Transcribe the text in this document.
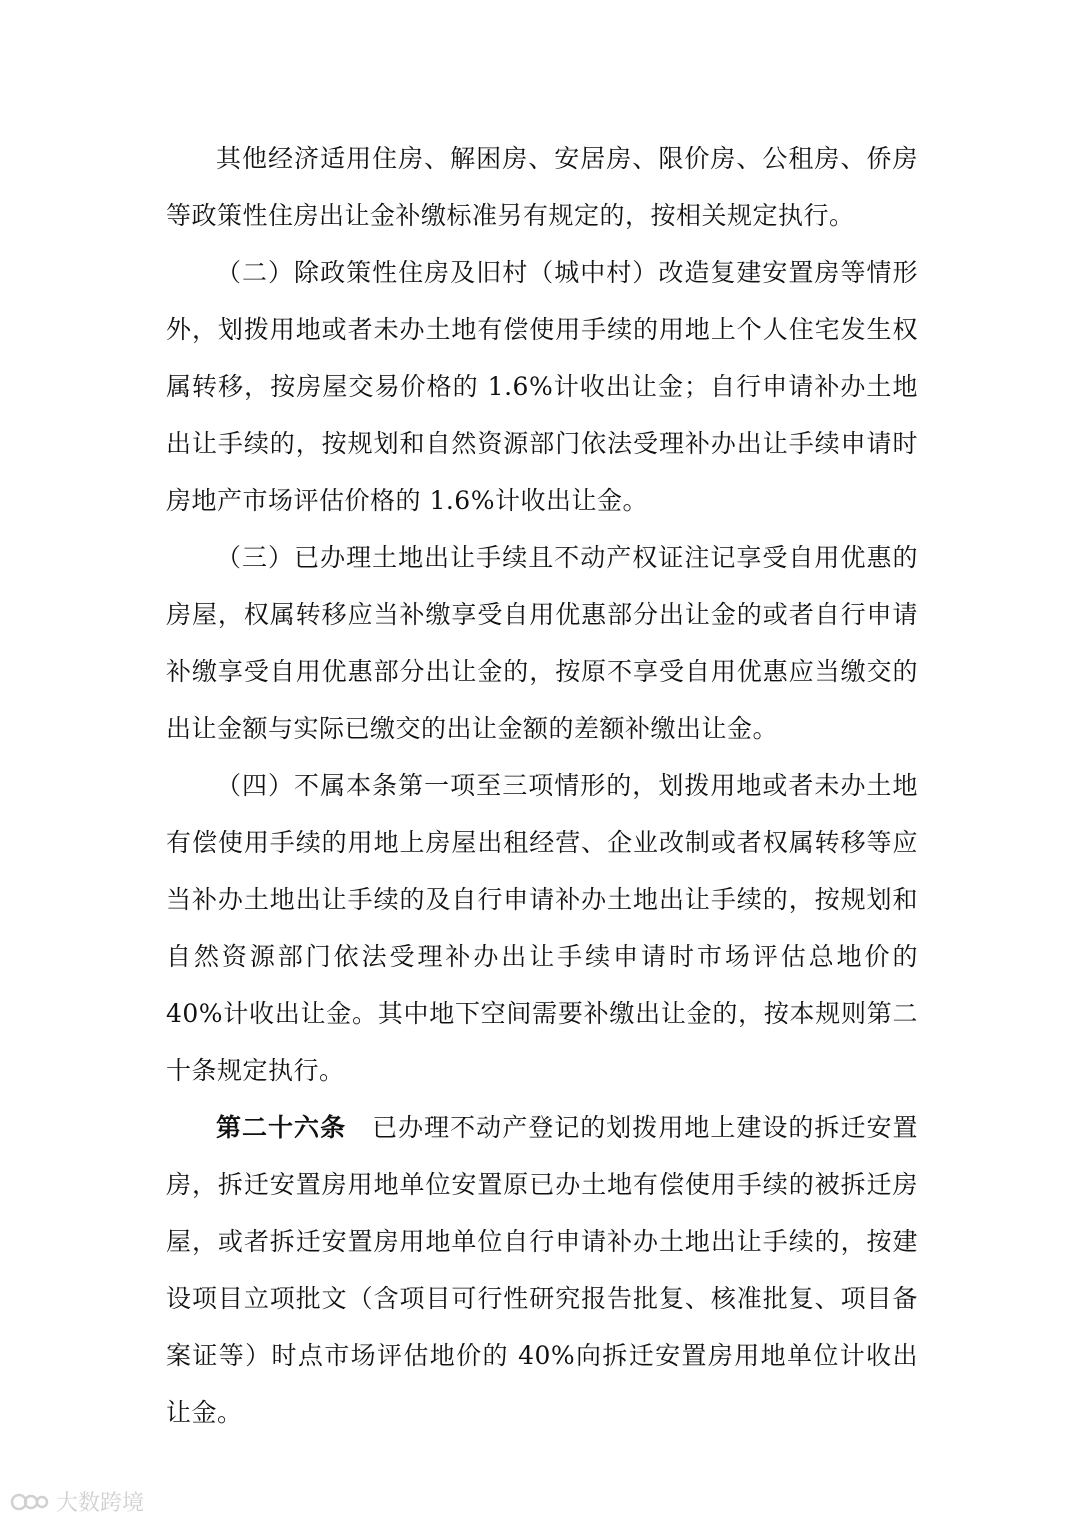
其他经济适用住房、解困房、安居房、限价房、公租房、侨房等政策性住房出让金补缴标准另有规定的，按相关规定执行。

（二）除政策性住房及旧村（城中村）改造复建安置房等情形外，划拨用地或者未办土地有偿使用手续的用地上个人住宅发生权属转移，按房屋交易价格的 1.6%计收出让金；自行申请补办土地出让手续的，按规划和自然资源部门依法受理补办出让手续申请时房地产市场评估价格的 1.6%计收出让金。

（三）已办理土地出让手续且不动产权证注记享受自用优惠的房屋，权属转移应当补缴享受自用优惠部分出让金的或者自行申请补缴享受自用优惠部分出让金的，按原不享受自用优惠应当缴交的出让金额与实际已缴交的出让金额的差额补缴出让金。

（四）不属本条第一项至三项情形的，划拨用地或者未办土地有偿使用手续的用地上房屋出租经营、企业改制或者权属转移等应当补办土地出让手续的及自行申请补办土地出让手续的，按规划和自然资源部门依法受理补办出让手续申请时市场评估总地价的 40%计收出让金。其中地下空间需要补缴出让金的，按本规则第二十条规定执行。

第二十六条 已办理不动产登记的划拨用地上建设的拆迁安置房，拆迁安置房用地单位安置原已办土地有偿使用手续的被拆迁房屋，或者拆迁安置房用地单位自行申请补办土地出让手续的，按建设项目立项批文（含项目可行性研究报告批复、核准批复、项目备案证等）时点市场评估地价的 40%向拆迁安置房用地单位计收出让金。

大数跨境
